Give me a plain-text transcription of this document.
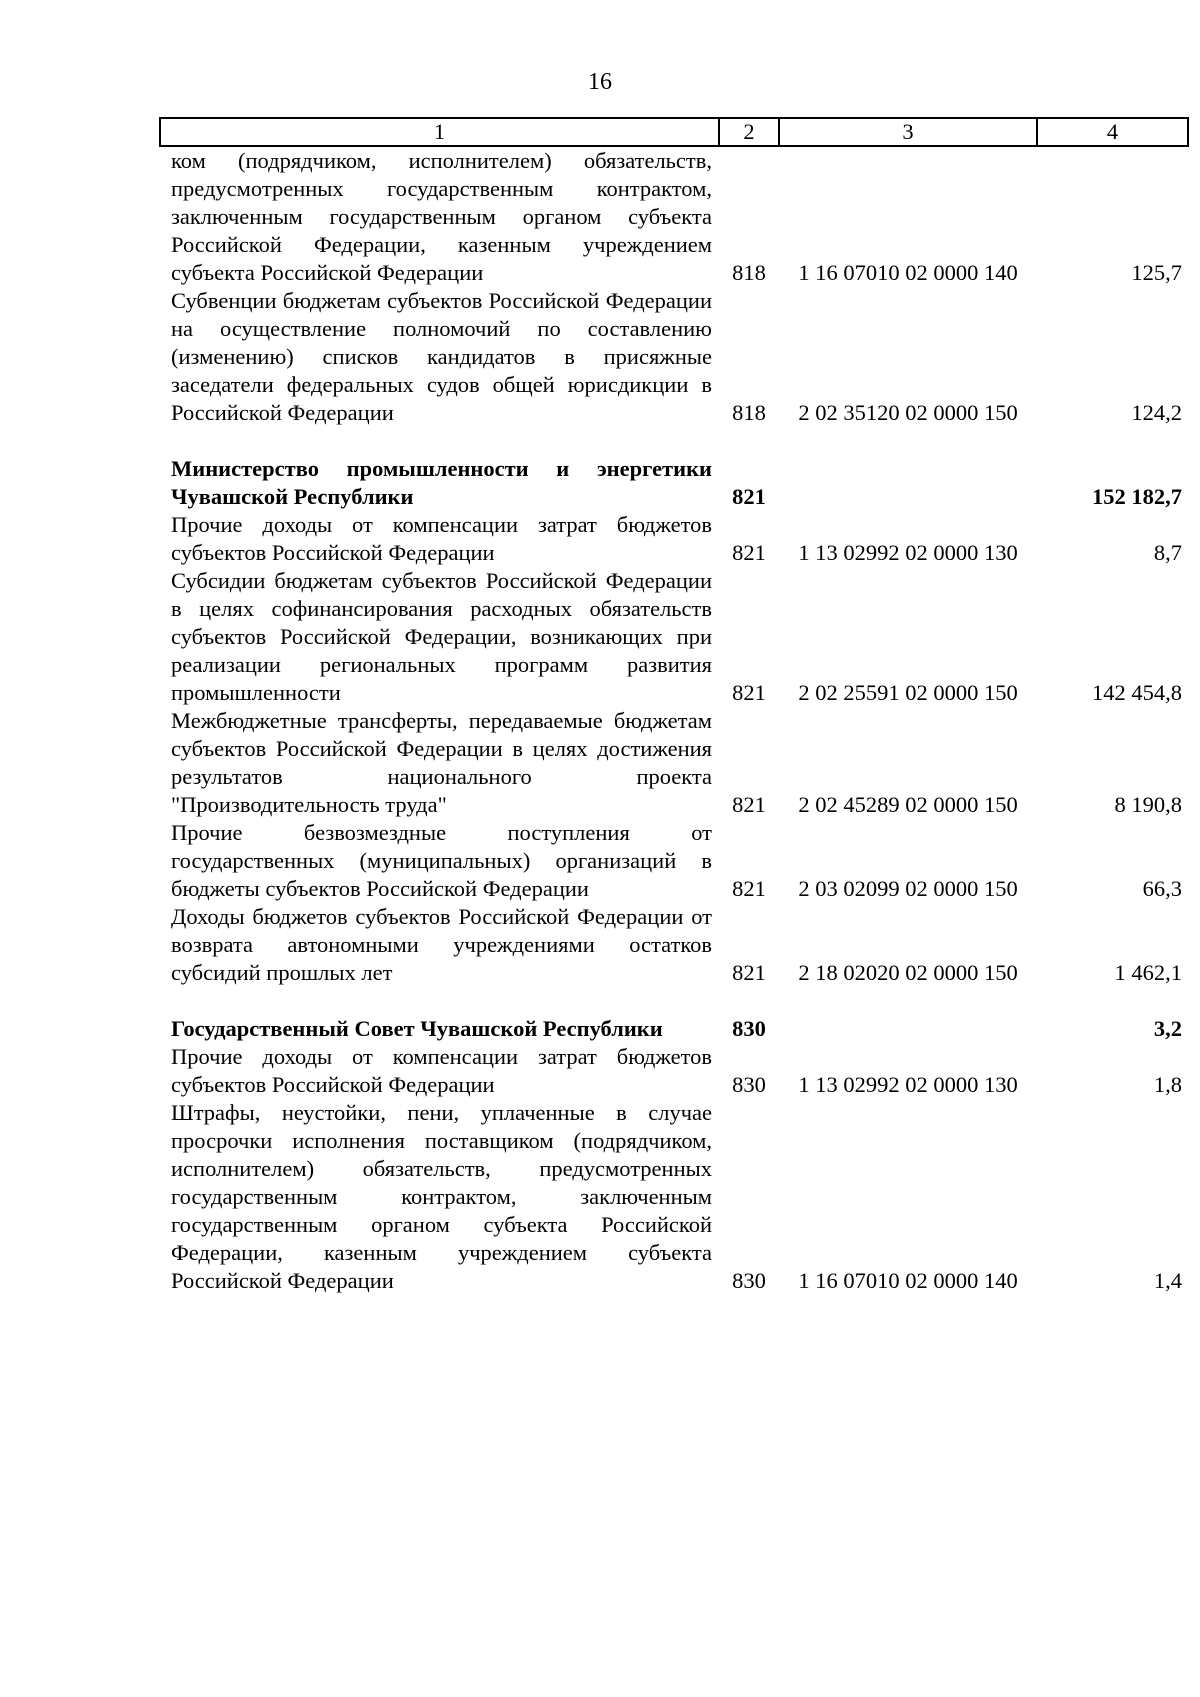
16
1	2	3	4
ком (подрядчиком, исполнителем) обязательств, предусмотренных государственным контрактом, заключенным государственным органом субъекта Российской Федерации, казенным учреждением субъекта Российской Федерации	818	1 16 07010 02 0000 140	125,7
Субвенции бюджетам субъектов Российской Федерации на осуществление полномочий по составлению (изменению) списков кандидатов в присяжные заседатели федеральных судов общей юрисдикции в Российской Федерации	818	2 02 35120 02 0000 150	124,2

Министерство промышленности и энергетики Чувашской Республики	821		152 182,7
Прочие доходы от компенсации затрат бюджетов субъектов Российской Федерации	821	1 13 02992 02 0000 130	8,7
Субсидии бюджетам субъектов Российской Федерации в целях софинансирования расходных обязательств субъектов Российской Федерации, возникающих при реализации региональных программ развития промышленности	821	2 02 25591 02 0000 150	142 454,8
Межбюджетные трансферты, передаваемые бюджетам субъектов Российской Федерации в целях достижения результатов национального проекта "Производительность труда"	821	2 02 45289 02 0000 150	8 190,8
Прочие безвозмездные поступления от государственных (муниципальных) организаций в бюджеты субъектов Российской Федерации	821	2 03 02099 02 0000 150	66,3
Доходы бюджетов субъектов Российской Федерации от возврата автономными учреждениями остатков субсидий прошлых лет	821	2 18 02020 02 0000 150	1 462,1

Государственный Совет Чувашской Республики	830		3,2
Прочие доходы от компенсации затрат бюджетов субъектов Российской Федерации	830	1 13 02992 02 0000 130	1,8
Штрафы, неустойки, пени, уплаченные в случае просрочки исполнения поставщиком (подрядчиком, исполнителем) обязательств, предусмотренных государственным контрактом, заключенным государственным органом субъекта Российской Федерации, казенным учреждением субъекта Российской Федерации	830	1 16 07010 02 0000 140	1,4
